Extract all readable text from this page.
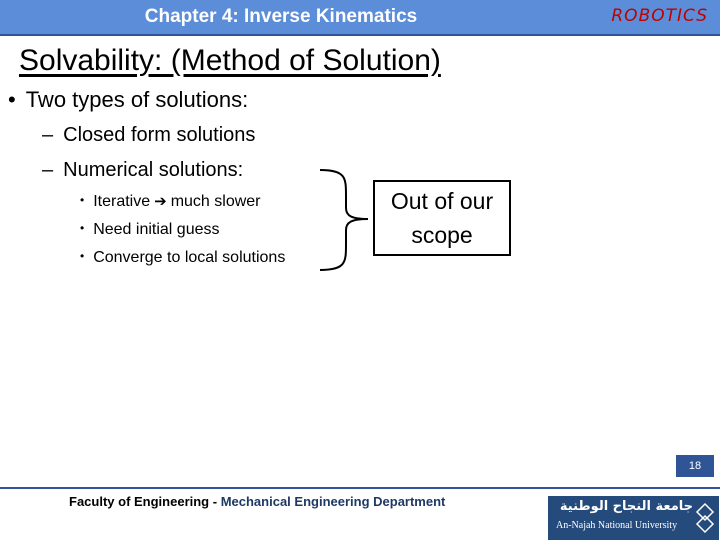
Chapter 4: Inverse Kinematics	ROBOTICS
Solvability: (Method of Solution)
• Two types of solutions:
– Closed form solutions
– Numerical solutions:
• Iterative ➔ much slower
• Need initial guess
• Converge to local solutions
Out of our
scope
18
Faculty of Engineering - Mechanical Engineering Department	جامعة النجاح الوطنية
An-Najah National University
